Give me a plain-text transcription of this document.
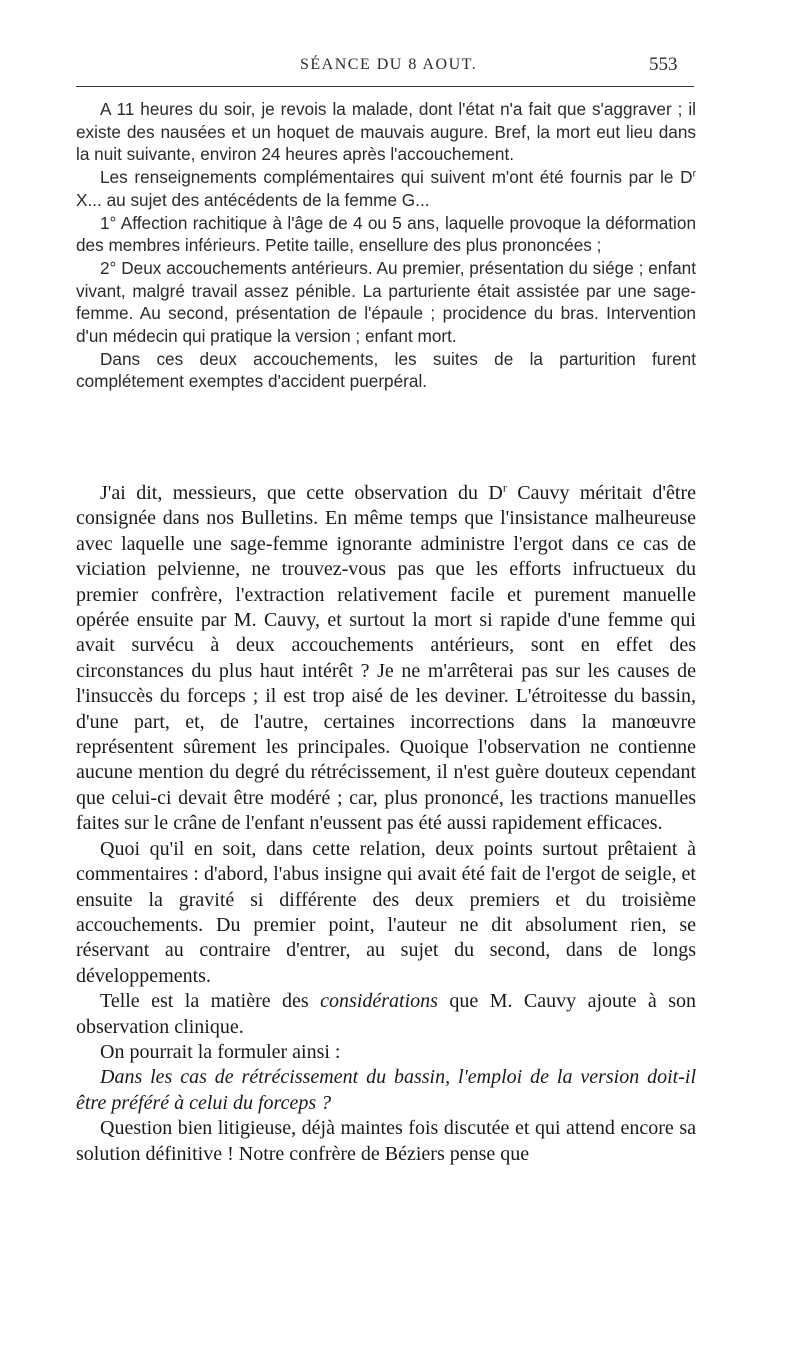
SÉANCE DU 8 AOUT.	553

A 11 heures du soir, je revois la malade, dont l'état n'a fait que s'aggraver ; il existe des nausées et un hoquet de mauvais augure. Bref, la mort eut lieu dans la nuit suivante, environ 24 heures après l'accouchement.

Les renseignements complémentaires qui suivent m'ont été fournis par le $D^r$ X... au sujet des antécédents de la femme G...

1° Affection rachitique à l'âge de 4 ou 5 ans, laquelle provoque la déformation des membres inférieurs. Petite taille, ensellure des plus prononcées ;

2° Deux accouchements antérieurs. Au premier, présentation du siége ; enfant vivant, malgré travail assez pénible. La parturiente était assistée par une sage-femme. Au second, présentation de l'épaule ; procidence du bras. Intervention d'un médecin qui pratique la version ; enfant mort.

Dans ces deux accouchements, les suites de la parturition furent complétement exemptes d'accident puerpéral.

J'ai dit, messieurs, que cette observation du $D^r$ Cauvy méritait d'être consignée dans nos Bulletins. En même temps que l'insistance malheureuse avec laquelle une sage-femme ignorante administre l'ergot dans ce cas de viciation pelvienne, ne trouvez-vous pas que les efforts infructueux du premier confrère, l'extraction relativement facile et purement manuelle opérée ensuite par M. Cauvy, et surtout la mort si rapide d'une femme qui avait survécu à deux accouchements antérieurs, sont en effet des circonstances du plus haut intérêt ? Je ne m'arrêterai pas sur les causes de l'insuccès du forceps ; il est trop aisé de les deviner. L'étroitesse du bassin, d'une part, et, de l'autre, certaines incorrections dans la manœuvre représentent sûrement les principales. Quoique l'observation ne contienne aucune mention du degré du rétrécissement, il n'est guère douteux cependant que celui-ci devait être modéré ; car, plus prononcé, les tractions manuelles faites sur le crâne de l'enfant n'eussent pas été aussi rapidement efficaces.

Quoi qu'il en soit, dans cette relation, deux points surtout prêtaient à commentaires : d'abord, l'abus insigne qui avait été fait de l'ergot de seigle, et ensuite la gravité si différente des deux premiers et du troisième accouchements. Du premier point, l'auteur ne dit absolument rien, se réservant au contraire d'entrer, au sujet du second, dans de longs développements.

Telle est la matière des considérations que M. Cauvy ajoute à son observation clinique.

On pourrait la formuler ainsi :

Dans les cas de rétrécissement du bassin, l'emploi de la version doit-il être préféré à celui du forceps ?

Question bien litigieuse, déjà maintes fois discutée et qui attend encore sa solution définitive ! Notre confrère de Béziers pense que
